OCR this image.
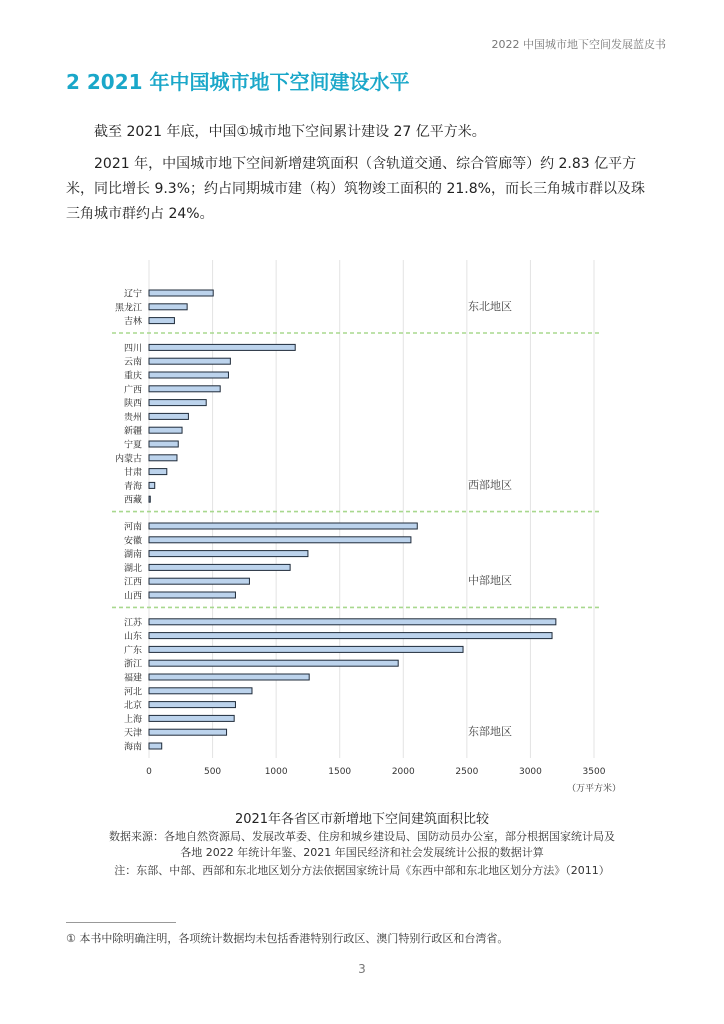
2022 中国城市地下空间发展蓝皮书
2 2021 年中国城市地下空间建设水平
截至 2021 年底，中国①城市地下空间累计建设 27 亿平方米。
2021 年，中国城市地下空间新增建筑面积（含轨道交通、综合管廊等）约 2.83 亿平方米，同比增长 9.3%；约占同期城市建（构）筑物竣工面积的 21.8%，而长三角城市群以及珠三角城市群约占 24%。
0	500	1000	1500	2000	2500	3000	3500
（万平方米）
辽宁
黑龙江
吉林
东北地区
四川
云南
重庆
广西
陕西
贵州
新疆
宁夏
内蒙古
甘肃
青海
西藏
西部地区
河南
安徽
湖南
湖北
江西
山西
中部地区
江苏
山东
广东
浙江
福建
河北
北京
上海
天津
海南
东部地区
2021年各省区市新增地下空间建筑面积比较
数据来源：各地自然资源局、发展改革委、住房和城乡建设局、国防动员办公室，部分根据国家统计局及
各地 2022 年统计年鉴、2021 年国民经济和社会发展统计公报的数据计算
注：东部、中部、西部和东北地区划分方法依据国家统计局《东西中部和东北地区划分方法》（2011）
① 本书中除明确注明，各项统计数据均未包括香港特别行政区、澳门特别行政区和台湾省。
3
